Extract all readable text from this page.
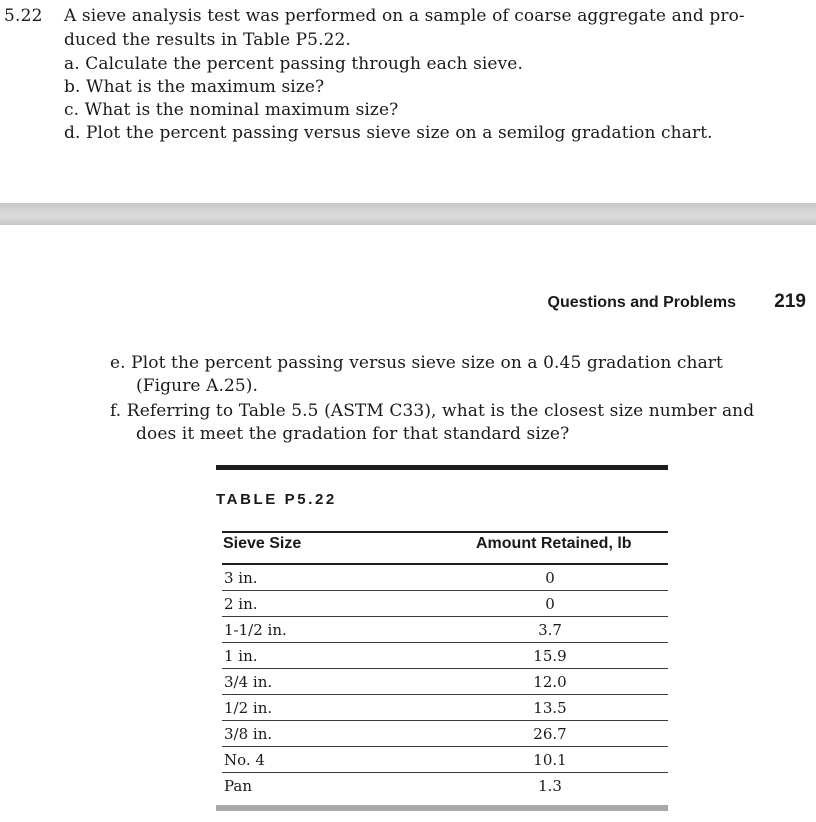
5.22 A sieve analysis test was performed on a sample of coarse aggregate and pro-
duced the results in Table P5.22.
a. Calculate the percent passing through each sieve.
b. What is the maximum size?
c. What is the nominal maximum size?
d. Plot the percent passing versus sieve size on a semilog gradation chart.
Questions and Problems 219
e. Plot the percent passing versus sieve size on a 0.45 gradation chart
(Figure A.25).
f. Referring to Table 5.5 (ASTM C33), what is the closest size number and
does it meet the gradation for that standard size?
TABLE P5.22
Sieve Size	Amount Retained, lb
3 in.	0
2 in.	0
1-1/2 in.	3.7
1 in.	15.9
3/4 in.	12.0
1/2 in.	13.5
3/8 in.	26.7
No. 4	10.1
Pan	1.3
